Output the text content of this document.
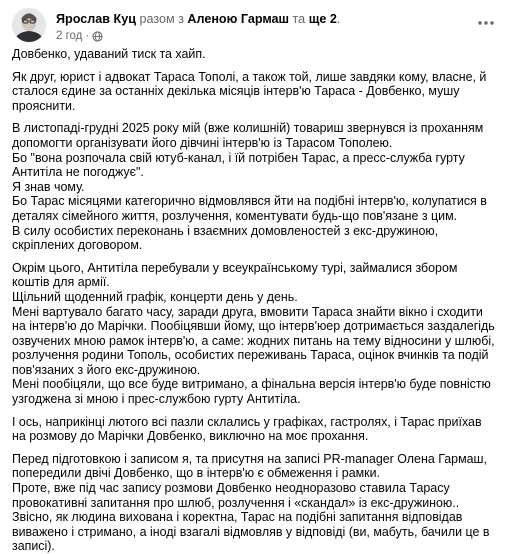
Ярослав Куц разом з Аленою Гармаш та ще 2.
2 год ·

Довбенко, удаваний тиск та хайп.

Як друг, юрист і адвокат Тараса Тополі, а також той, лише завдяки кому, власне, й сталося єдине за останніх декілька місяців інтерв'ю Тараса - Довбенко, мушу прояснити.

В листопаді-грудні 2025 року мій (вже колишній) товариш звернувся із проханням допомогти організувати його дівчині інтерв'ю із Тарасом Тополею.
Бо "вона розпочала свій ютуб-канал, і їй потрібен Тарас, а пресс-служба гурту Антитіла не погоджує".
Я знав чому.
Бо Тарас місяцями категорично відмовлявся йти на подібні інтерв'ю, колупатися в деталях сімейного життя, розлучення, коментувати будь-що пов'язане з цим.
В силу особистих переконань і взаємних домовленостей з екс-дружиною, скріплених договором.

Окрім цього, Антитіла перебували у всеукраїнському турі, займалися збором коштів для армії.
Щільний щоденний графік, концерти день у день.
Мені вартувало багато часу, заради друга, вмовити Тараса знайти вікно і сходити на інтерв'ю до Марічки. Пообіцявши йому, що інтерв'юер дотримається заздалегідь озвучених мною рамок інтерв'ю, а саме: жодних питань на тему відносини у шлюбі, розлучення родини Тополь, особистих переживань Тараса, оцінок вчинків та подій пов'язаних з його екс-дружиною.
Мені пообіцяли, що все буде витримано, а фінальна версія інтерв'ю буде повністю узгоджена зі мною і прес-службою гурту Антитіла.

І ось, наприкінці лютого всі пазли склались у графіках, гастролях, і Тарас приїхав на розмову до Марічки Довбенко, виключно на моє прохання.

Перед підготовкою і записом я, та присутня на записі PR-manager Олена Гармаш, попередили двічі Довбенко, що в інтерв'ю є обмеження і рамки.
Проте, вже під час запису розмови Довбенко неодноразово ставила Тарасу провокативні запитання про шлюб, розлучення і «скандал» із екс-дружиною..
Звісно, як людина вихована і коректна, Тарас на подібні запитання відповідав виважено і стримано, а іноді взагалі відмовляв у відповіді (ви, мабуть, бачили це в записі).
